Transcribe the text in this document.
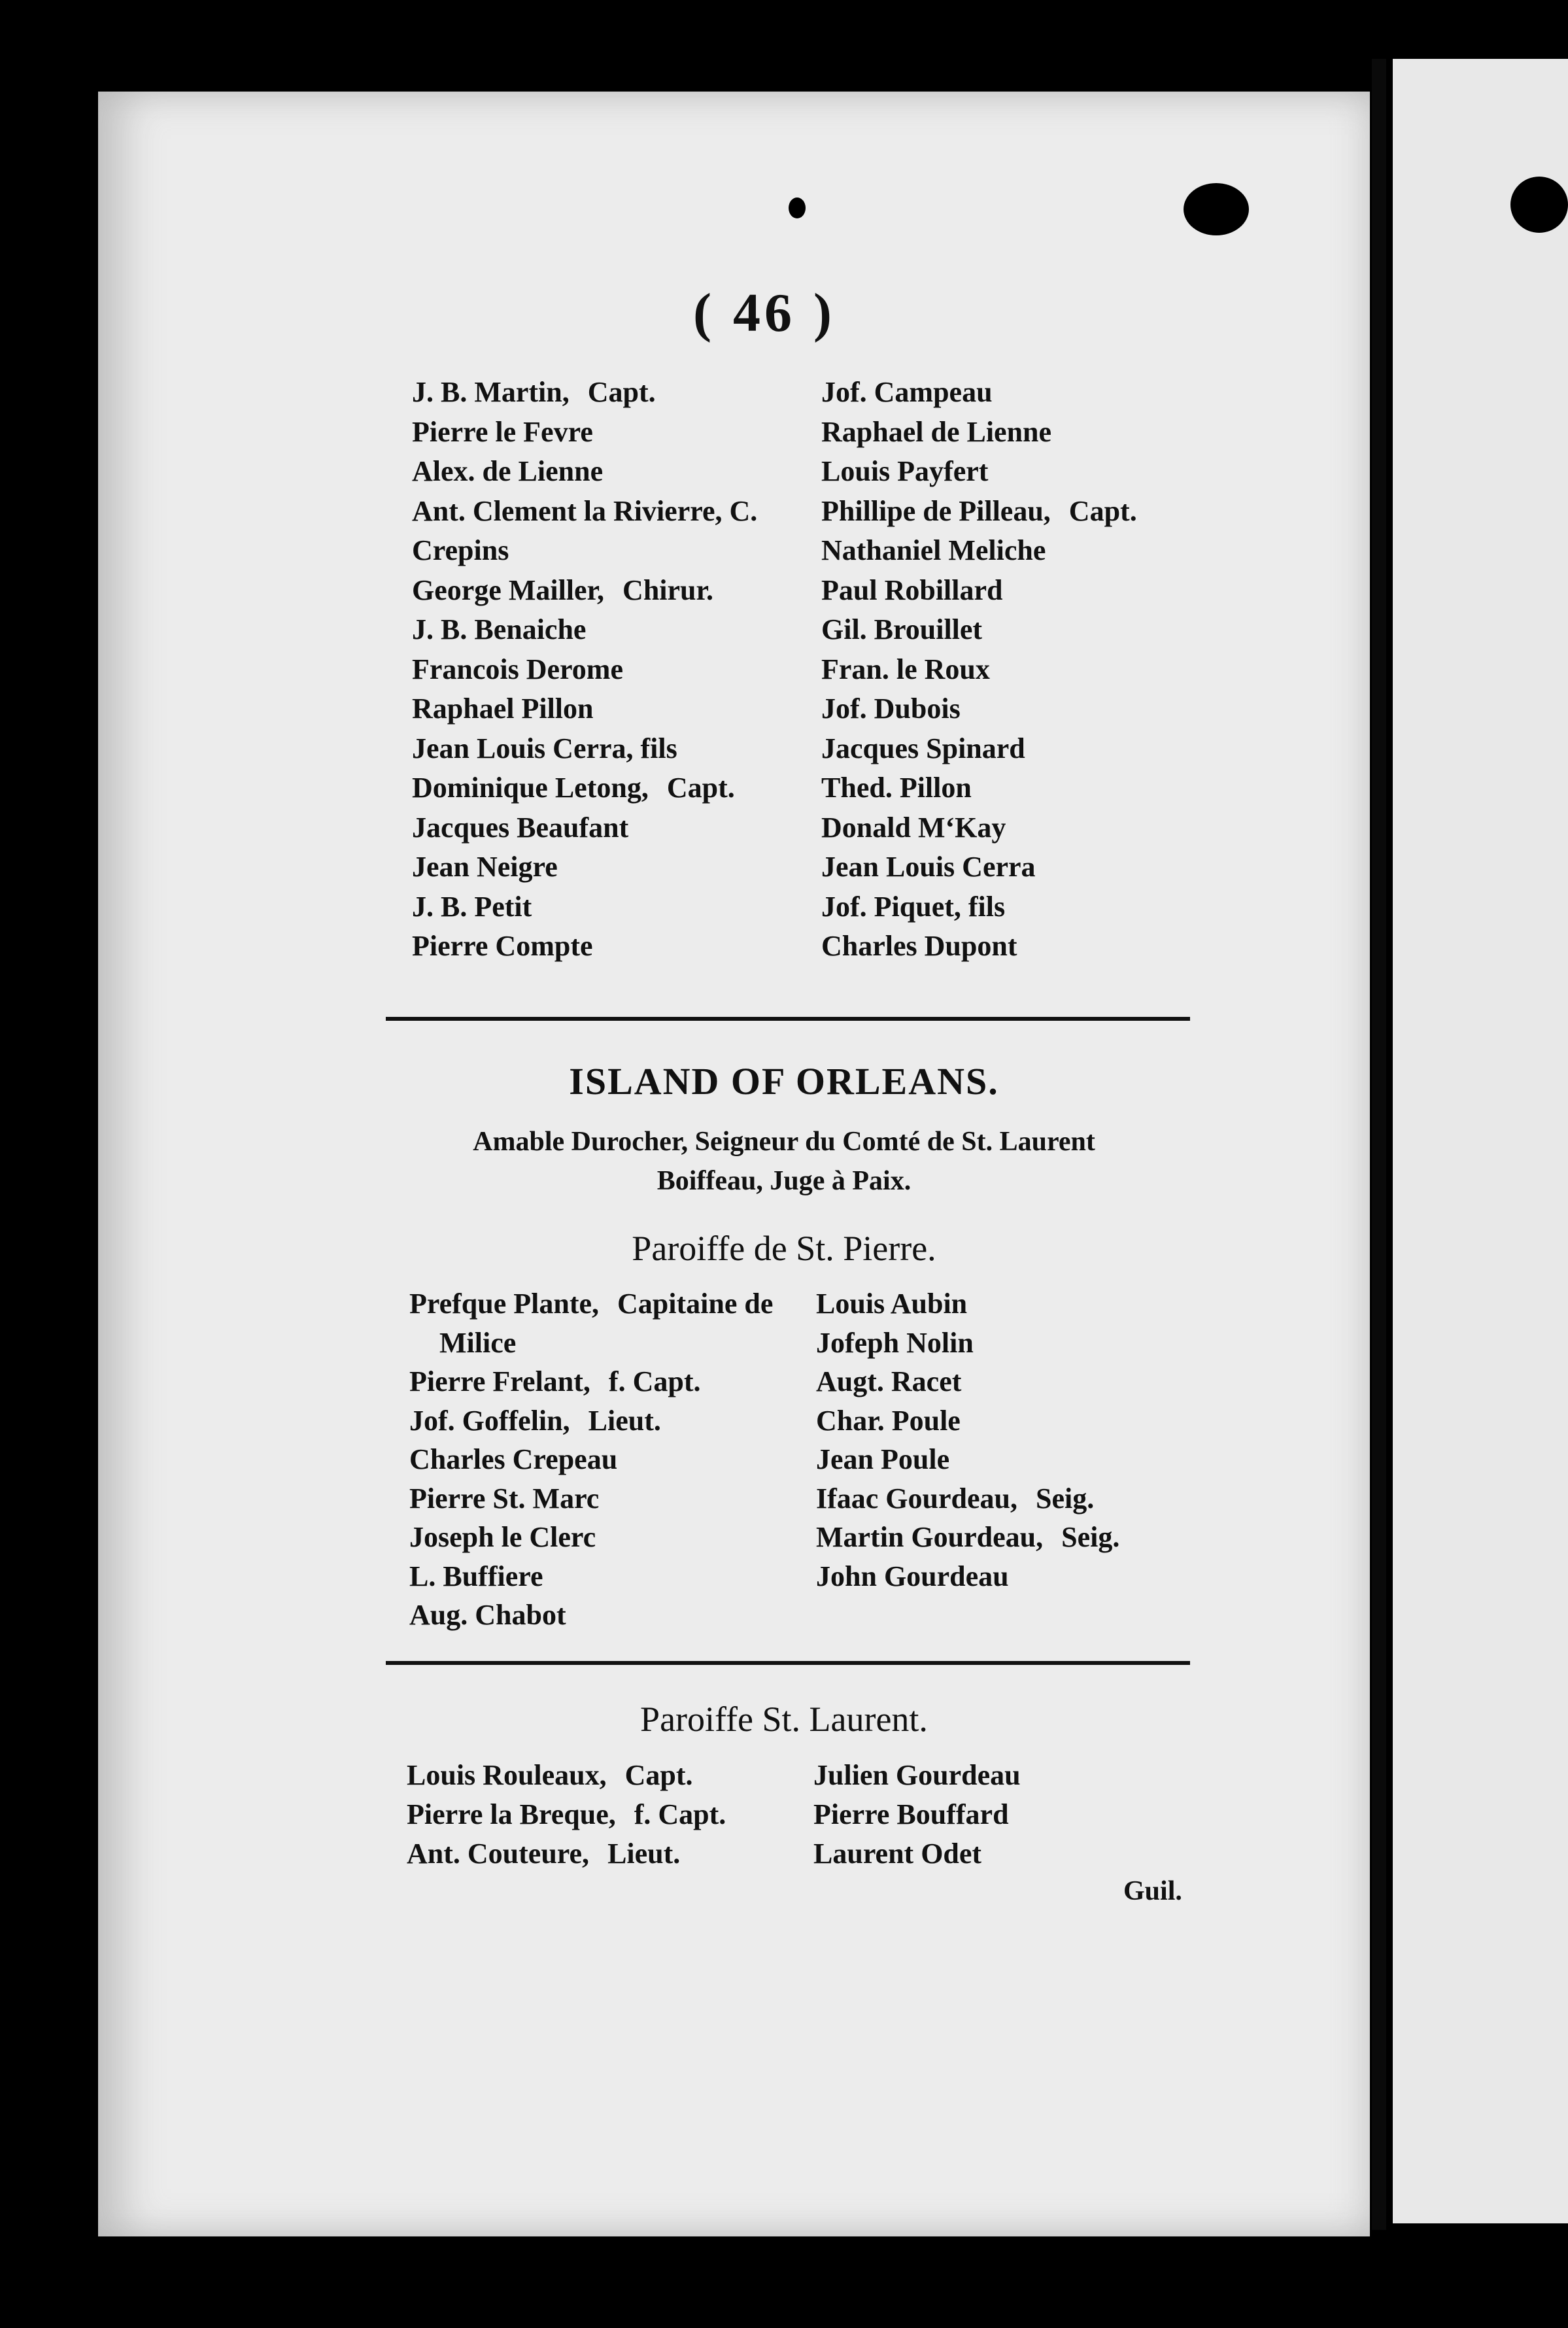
( 46 )
J. B. Martin, Capt.
Pierre le Fevre
Alex. de Lienne
Ant. Clement la Rivierre, C.
Crepins
George Mailler, Chirur.
J. B. Benaiche
Francois Derome
Raphael Pillon
Jean Louis Cerra, fils
Dominique Letong, Capt.
Jacques Beaufant
Jean Neigre
J. B. Petit
Pierre Compte
Jof. Campeau
Raphael de Lienne
Louis Payfert
Phillipe de Pilleau, Capt.
Nathaniel Meliche
Paul Robillard
Gil. Brouillet
Fran. le Roux
Jof. Dubois
Jacques Spinard
Thed. Pillon
Donald M‘Kay
Jean Louis Cerra
Jof. Piquet, fils
Charles Dupont
ISLAND OF ORLEANS.
Amable Durocher, Seigneur du Comté de St. Laurent
Boiffeau, Juge à Paix.
Paroiffe de St. Pierre.
Prefque Plante, Capitaine de
Milice
Pierre Frelant, f. Capt.
Jof. Goffelin, Lieut.
Charles Crepeau
Pierre St. Marc
Joseph le Clerc
L. Buffiere
Aug. Chabot
Louis Aubin
Jofeph Nolin
Augt. Racet
Char. Poule
Jean Poule
Ifaac Gourdeau, Seig.
Martin Gourdeau, Seig.
John Gourdeau
Paroiffe St. Laurent.
Louis Rouleaux, Capt.
Pierre la Breque, f. Capt.
Ant. Couteure, Lieut.
Julien Gourdeau
Pierre Bouffard
Laurent Odet
Guil.
